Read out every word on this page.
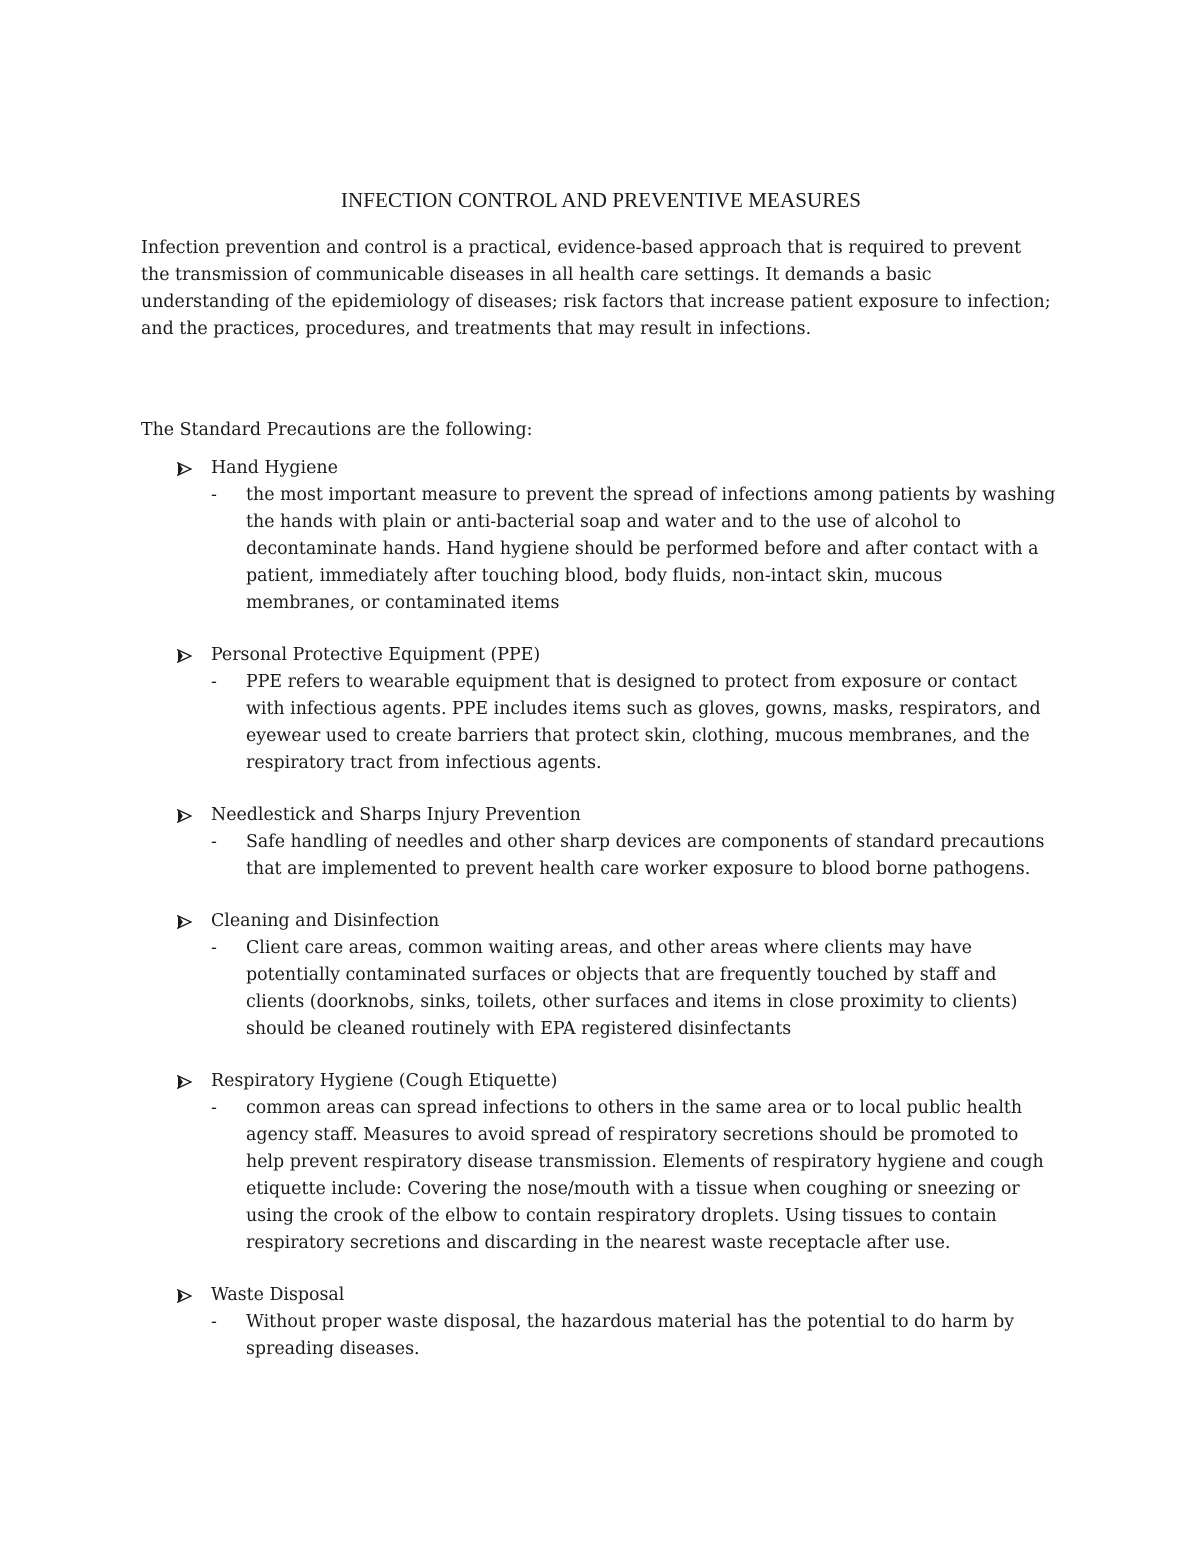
INFECTION CONTROL AND PREVENTIVE MEASURES

Infection prevention and control is a practical, evidence-based approach that is required to prevent the transmission of communicable diseases in all health care settings. It demands a basic understanding of the epidemiology of diseases; risk factors that increase patient exposure to infection; and the practices, procedures, and treatments that may result in infections.

The Standard Precautions are the following:

Hand Hygiene
-	the most important measure to prevent the spread of infections among patients by washing the hands with plain or anti-bacterial soap and water and to the use of alcohol to decontaminate hands. Hand hygiene should be performed before and after contact with a patient, immediately after touching blood, body fluids, non-intact skin, mucous membranes, or contaminated items
Personal Protective Equipment (PPE)
-	PPE refers to wearable equipment that is designed to protect from exposure or contact with infectious agents. PPE includes items such as gloves, gowns, masks, respirators, and eyewear used to create barriers that protect skin, clothing, mucous membranes, and the respiratory tract from infectious agents.
Needlestick and Sharps Injury Prevention
-	Safe handling of needles and other sharp devices are components of standard precautions that are implemented to prevent health care worker exposure to blood borne pathogens.
Cleaning and Disinfection
-	Client care areas, common waiting areas, and other areas where clients may have potentially contaminated surfaces or objects that are frequently touched by staff and clients (doorknobs, sinks, toilets, other surfaces and items in close proximity to clients) should be cleaned routinely with EPA registered disinfectants
Respiratory Hygiene (Cough Etiquette)
-	common areas can spread infections to others in the same area or to local public health agency staff. Measures to avoid spread of respiratory secretions should be promoted to help prevent respiratory disease transmission. Elements of respiratory hygiene and cough etiquette include: Covering the nose/mouth with a tissue when coughing or sneezing or using the crook of the elbow to contain respiratory droplets. Using tissues to contain respiratory secretions and discarding in the nearest waste receptacle after use.
Waste Disposal
-	Without proper waste disposal, the hazardous material has the potential to do harm by spreading diseases.
